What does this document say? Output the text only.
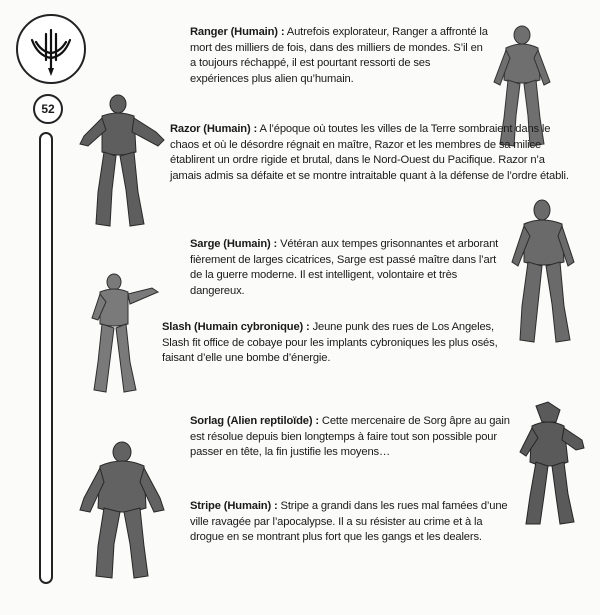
52
Ranger (Humain) : Autrefois explorateur, Ranger a affronté la mort des milliers de fois, dans des milliers de mondes. S’il en a toujours réchappé, il est pourtant ressorti de ses expériences plus alien qu’humain.
Razor (Humain) : A l’époque où toutes les villes de la Terre sombraient dans le chaos et où le désordre régnait en maître, Razor et les membres de sa milice établirent un ordre rigide et brutal, dans le Nord-Ouest du Pacifique. Razor n’a jamais admis sa défaite et se montre intraitable quant à la défense de l’ordre établi.
Sarge (Humain) : Vétéran aux tempes grisonnantes et arborant fièrement de larges cicatrices, Sarge est passé maître dans l’art de la guerre moderne. Il est intelligent, volontaire et très dangereux.
Slash (Humain cybronique) : Jeune punk des rues de Los Angeles, Slash fit office de cobaye pour les implants cybroniques les plus osés, faisant d’elle une bombe d’énergie.
Sorlag (Alien reptiloïde) : Cette mercenaire de Sorg âpre au gain est résolue depuis bien longtemps à faire tout son possible pour passer en tête, la fin justifie les moyens…
Stripe (Humain) : Stripe a grandi dans les rues mal famées d’une ville ravagée par l’apocalypse. Il a su résister au crime et à la drogue en se montrant plus fort que les gangs et les dealers.
